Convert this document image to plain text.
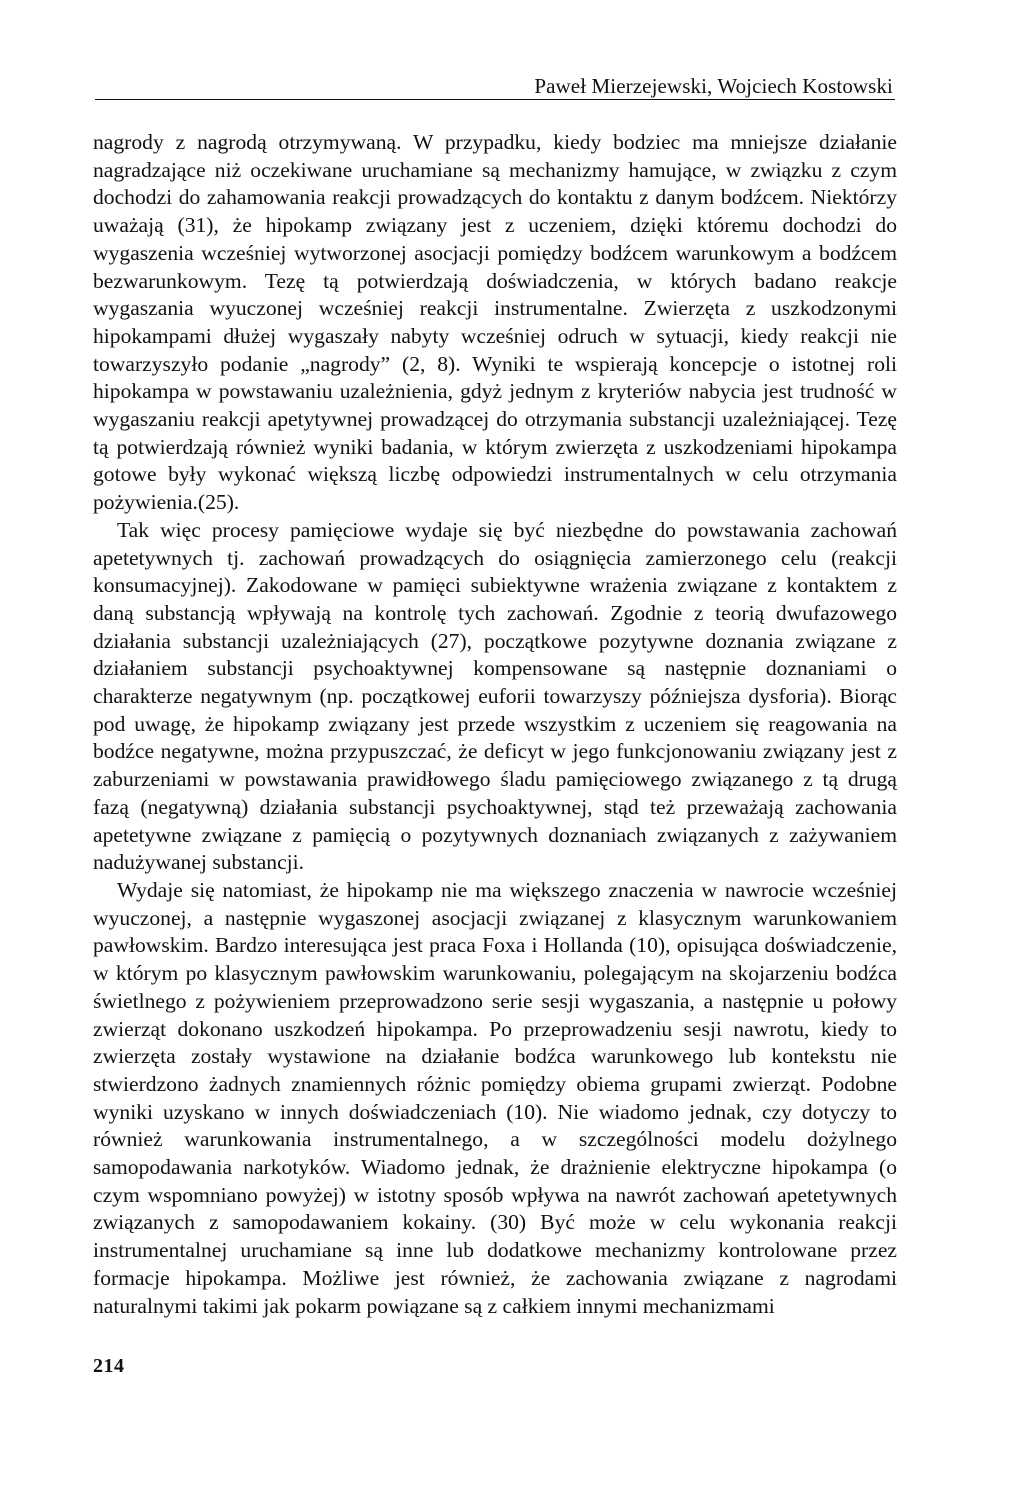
Paweł Mierzejewski, Wojciech Kostowski

nagrody z nagrodą otrzymywaną. W przypadku, kiedy bodziec ma mniejsze działanie nagradzające niż oczekiwane uruchamiane są mechanizmy hamujące, w związku z czym dochodzi do zahamowania reakcji prowadzących do kontaktu z danym bodźcem. Niektórzy uważają (31), że hipokamp związany jest z uczeniem, dzięki któremu dochodzi do wygaszenia wcześniej wytworzonej asocjacji pomiędzy bodźcem warunkowym a bodźcem bezwarunkowym. Tezę tą potwierdzają doświadczenia, w których badano reakcje wygaszania wyuczonej wcześniej reakcji instrumentalne. Zwierzęta z uszkodzonymi hipokampami dłużej wygaszały nabyty wcześniej odruch w sytuacji, kiedy reakcji nie towarzyszyło podanie „nagrody” (2, 8). Wyniki te wspierają koncepcje o istotnej roli hipokampa w powstawaniu uzależnienia, gdyż jednym z kryteriów nabycia jest trudność w wygaszaniu reakcji apetytywnej prowadzącej do otrzymania substancji uzależniającej. Tezę tą potwierdzają również wyniki badania, w którym zwierzęta z uszkodzeniami hipokampa gotowe były wykonać większą liczbę odpowiedzi instrumentalnych w celu otrzymania pożywienia.(25).

Tak więc procesy pamięciowe wydaje się być niezbędne do powstawania zachowań apetetywnych tj. zachowań prowadzących do osiągnięcia zamierzonego celu (reakcji konsumacyjnej). Zakodowane w pamięci subiektywne wrażenia związane z kontaktem z daną substancją wpływają na kontrolę tych zachowań. Zgodnie z teorią dwufazowego działania substancji uzależniających (27), początkowe pozytywne doznania związane z działaniem substancji psychoaktywnej kompensowane są następnie doznaniami o charakterze negatywnym (np. początkowej euforii towarzyszy późniejsza dysforia). Biorąc pod uwagę, że hipokamp związany jest przede wszystkim z uczeniem się reagowania na bodźce negatywne, można przypuszczać, że deficyt w jego funkcjonowaniu związany jest z zaburzeniami w powstawania prawidłowego śladu pamięciowego związanego z tą drugą fazą (negatywną) działania substancji psychoaktywnej, stąd też przeważają zachowania apetetywne związane z pamięcią o pozytywnych doznaniach związanych z zażywaniem nadużywanej substancji.

Wydaje się natomiast, że hipokamp nie ma większego znaczenia w nawrocie wcześniej wyuczonej, a następnie wygaszonej asocjacji związanej z klasycznym warunkowaniem pawłowskim. Bardzo interesująca jest praca Foxa i Hollanda (10), opisująca doświadczenie, w którym po klasycznym pawłowskim warunkowaniu, polegającym na skojarzeniu bodźca świetlnego z pożywieniem przeprowadzono serie sesji wygaszania, a następnie u połowy zwierząt dokonano uszkodzeń hipokampa. Po przeprowadzeniu sesji nawrotu, kiedy to zwierzęta zostały wystawione na działanie bodźca warunkowego lub kontekstu nie stwierdzono żadnych znamiennych różnic pomiędzy obiema grupami zwierząt. Podobne wyniki uzyskano w innych doświadczeniach (10). Nie wiadomo jednak, czy dotyczy to również warunkowania instrumentalnego, a w szczególności modelu dożylnego samopodawania narkotyków. Wiadomo jednak, że drażnienie elektryczne hipokampa (o czym wspomniano powyżej) w istotny sposób wpływa na nawrót zachowań apetetywnych związanych z samopodawaniem kokainy. (30) Być może w celu wykonania reakcji instrumentalnej uruchamiane są inne lub dodatkowe mechanizmy kontrolowane przez formacje hipokampa. Możliwe jest również, że zachowania związane z nagrodami naturalnymi takimi jak pokarm powiązane są z całkiem innymi mechanizmami

214
